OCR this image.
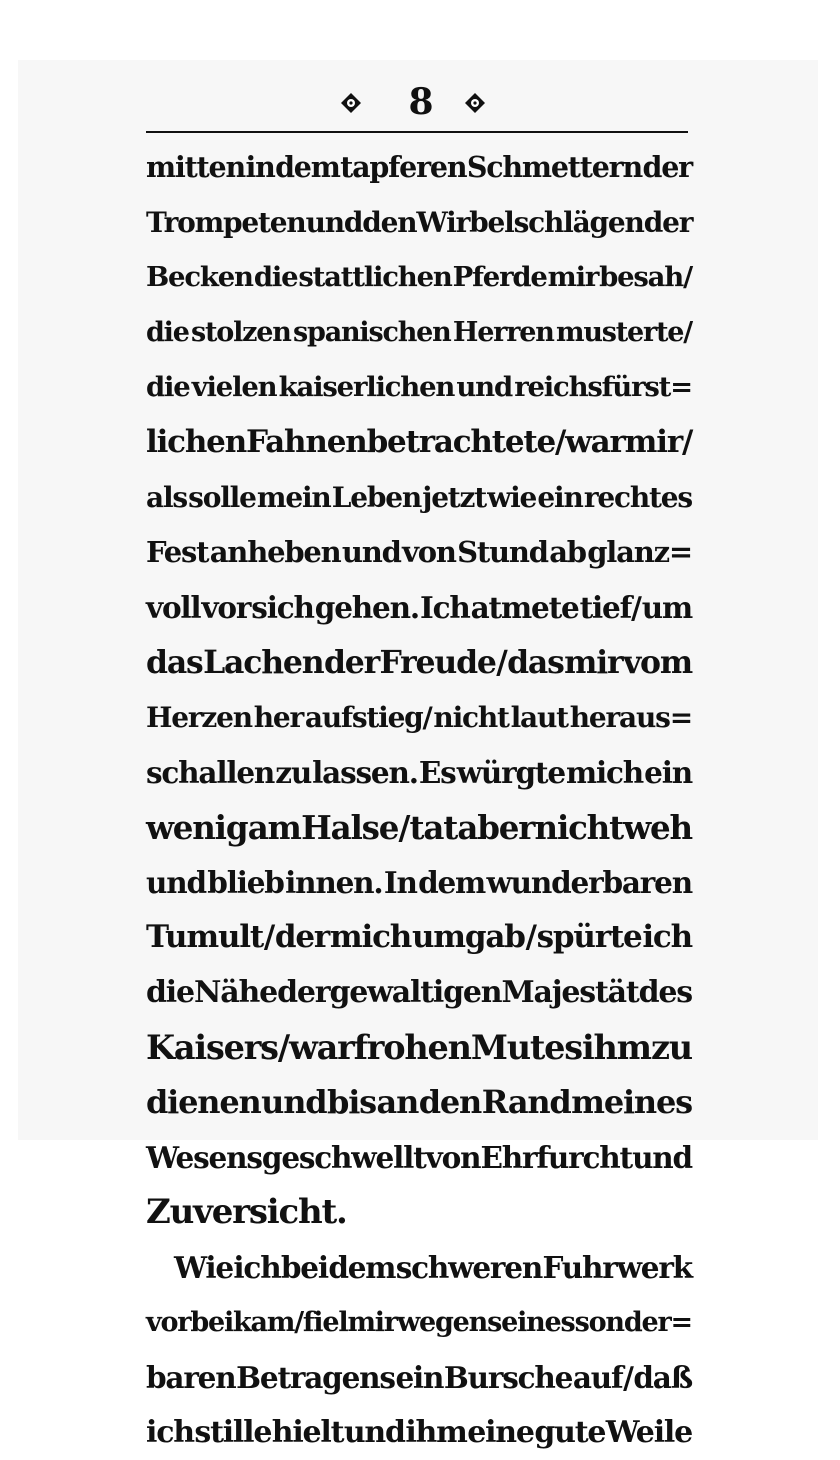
8
mitten in dem tapferen Schmettern der
Trompeten und den Wirbelschlägen der
Becken die stattlichen Pferde mir besah/
die stolzen spanischen Herren musterte/
die vielen kaiserlichen und reichsfürst=
lichen Fahnen betrachtete / war mir /
als solle mein Leben jetzt wie ein rechtes
Fest anheben und von Stund ab glanz=
voll vor sich gehen. Ich atmete tief/ um
das Lachen der Freude / das mir vom
Herzen her aufstieg/ nicht laut heraus=
schallen zu lassen. Es würgte mich ein
wenig am Halse / tat aber nicht weh
und blieb innen. In dem wunderbaren
Tumult / der mich umgab / spürte ich
die Nähe der gewaltigen Majestät des
Kaisers / war frohen Mutes ihm zu
dienen und bis an den Rand meines
Wesens geschwellt von Ehrfurcht und
Zuversicht.
Wie ich bei dem schweren Fuhrwerk
vorbeikam/fiel mir wegen seines sonder=
baren Betragens ein Bursche auf / daß
ich stille hielt und ihm eine gute Weile
